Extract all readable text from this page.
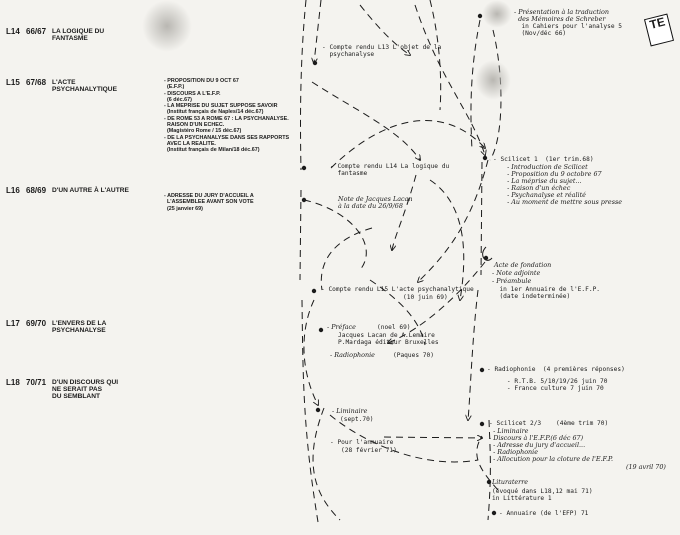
TE
L14 66/67 LA LOGIQUE DU
FANTASME
L15 67/68 L'ACTE
PSYCHANALYTIQUE
L16 68/69 D'UN AUTRE À L'AUTRE
L17 69/70 L'ENVERS DE LA
PSYCHANALYSE
L18 70/71 D'UN DISCOURS QUI
NE SERAIT PAS
DU SEMBLANT
- PROPOSITION DU 9 OCT 67
(E.F.P.)
- DISCOURS A L'E.F.P.
(6 déc.67)
- LA MEPRISE DU SUJET SUPPOSE SAVOIR
(Institut français de Naples/14 déc.67)
- DE ROME 53 A ROME 67 : LA PSYCHANALYSE.
RAISON D'UN ECHEC.
(Magistéro Rome / 15 déc.67)
- DE LA PSYCHANALYSE DANS SES RAPPORTS
AVEC LA REALITE.
(Institut français de Milan/18 déc.67)
- ADRESSE DU JURY D'ACCUEIL A
L'ASSEMBLEE AVANT SON VOTE
(25 janvier 69)
- Compte rendu L13 L'objet de la
psychanalyse
- Compte rendu L14 La logique du
fantasme
Note de Jacques Lacan
à la date du 26/9/68
- Compte rendu L15 L'acte psychanalytique
(10 juin 69)
- Préface	(noel 69)
Jacques Lacan de A.Lemaire
P.Mardaga éditeur Bruxelles
- Radiophonie	(Paques 70)
- Liminaire
(sept.70)
- Pour l'annuaire
(28 février 71)
- Présentation à la traduction
des Mémoires de Schreber
in Cahiers pour l'analyse 5
(Nov/déc 66)
- Scilicet 1  (1er trim.68)
- Introduction de Scilicet
- Proposition du 9 octobre 67
- La méprise du sujet...
- Raison d'un échec
- Psychanalyse et réalité
- Au moment de mettre sous presse
Acte de fondation
- Note adjointe
- Préambule
in 1er Annuaire de l'E.F.P.
(date indeterminée)
- Radiophonie  (4 premières réponses)
- R.T.B. 5/10/19/26 juin 70
- France culture 7 juin 70
- Scilicet 2/3    (4ème trim 70)
- Liminaire
- Discours à l'E.F.P.(6 déc 67)
- Adresse du jury d'accueil...
- Radiophonie
- Allocution pour la cloture de l'E.F.P.
(19 avril 70)
Lituraterre
(évoqué dans L18,12 mai 71)
in Littérature 1
- Annuaire (de l'EFP) 71
